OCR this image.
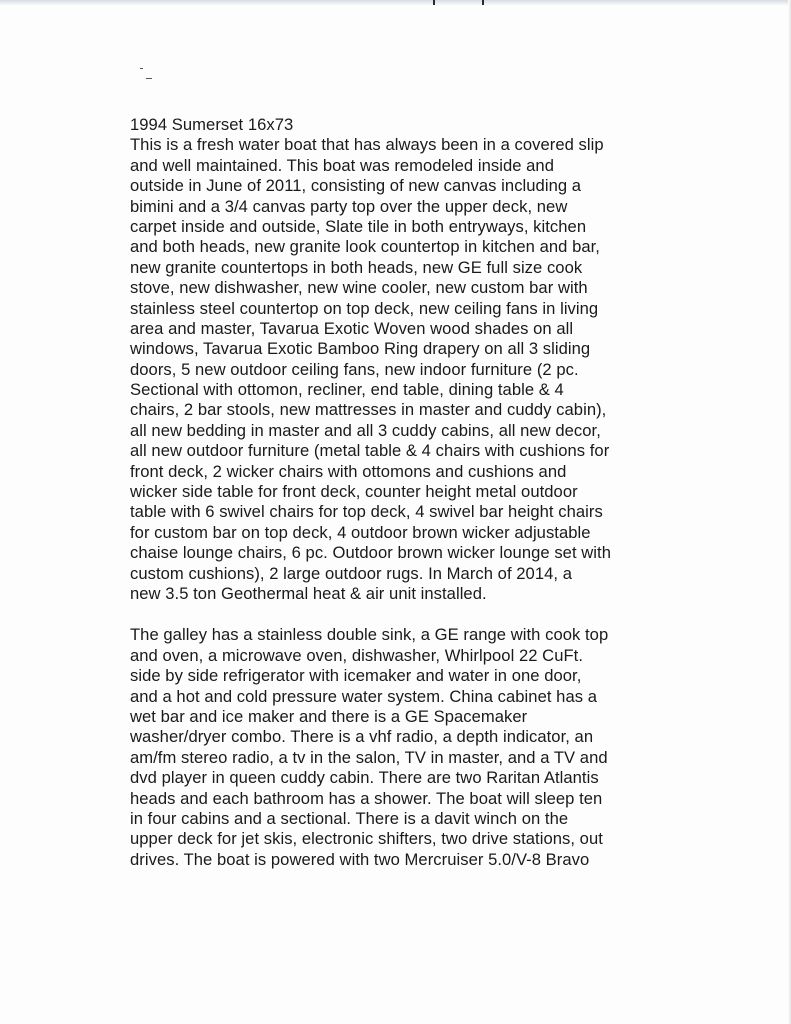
1994 Sumerset 16x73
This is a fresh water boat that has always been in a covered slip
and well maintained. This boat was remodeled inside and
outside in June of 2011, consisting of new canvas including a
bimini and a 3/4 canvas party top over the upper deck, new
carpet inside and outside, Slate tile in both entryways, kitchen
and both heads, new granite look countertop in kitchen and bar,
new granite countertops in both heads, new GE full size cook
stove, new dishwasher, new wine cooler, new custom bar with
stainless steel countertop on top deck, new ceiling fans in living
area and master, Tavarua Exotic Woven wood shades on all
windows, Tavarua Exotic Bamboo Ring drapery on all 3 sliding
doors, 5 new outdoor ceiling fans, new indoor furniture (2 pc.
Sectional with ottomon, recliner, end table, dining table & 4
chairs, 2 bar stools, new mattresses in master and cuddy cabin),
all new bedding in master and all 3 cuddy cabins, all new decor,
all new outdoor furniture (metal table & 4 chairs with cushions for
front deck, 2 wicker chairs with ottomons and cushions and
wicker side table for front deck, counter height metal outdoor
table with 6 swivel chairs for top deck, 4 swivel bar height chairs
for custom bar on top deck, 4 outdoor brown wicker adjustable
chaise lounge chairs, 6 pc. Outdoor brown wicker lounge set with
custom cushions), 2 large outdoor rugs. In March of 2014, a
new 3.5 ton Geothermal heat & air unit installed.
The galley has a stainless double sink, a GE range with cook top
and oven, a microwave oven, dishwasher, Whirlpool 22 CuFt.
side by side refrigerator with icemaker and water in one door,
and a hot and cold pressure water system. China cabinet has a
wet bar and ice maker and there is a GE Spacemaker
washer/dryer combo. There is a vhf radio, a depth indicator, an
am/fm stereo radio, a tv in the salon, TV in master, and a TV and
dvd player in queen cuddy cabin. There are two Raritan Atlantis
heads and each bathroom has a shower. The boat will sleep ten
in four cabins and a sectional. There is a davit winch on the
upper deck for jet skis, electronic shifters, two drive stations, out
drives. The boat is powered with two Mercruiser 5.0/V-8 Bravo
